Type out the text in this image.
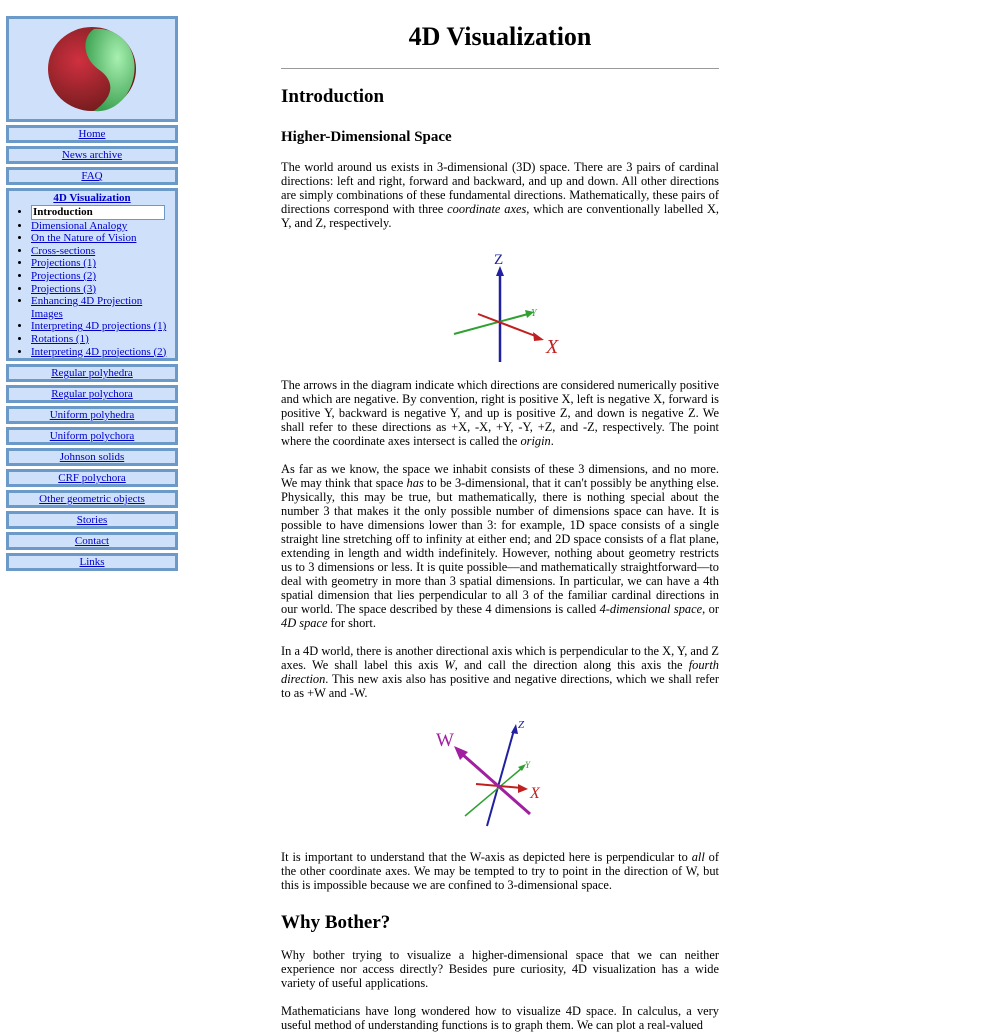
Home
News archive
FAQ
4D Visualization
• Introduction
• Dimensional Analogy
• On the Nature of Vision
• Cross-sections
• Projections (1)
• Projections (2)
• Projections (3)
• Enhancing 4D Projection Images
• Interpreting 4D projections (1)
• Rotations (1)
• Interpreting 4D projections (2)
Regular polyhedra
Regular polychora
Uniform polyhedra
Uniform polychora
Johnson solids
CRF polychora
Other geometric objects
Stories
Contact
Links
4D Visualization
Introduction
Higher-Dimensional Space

The world around us exists in 3-dimensional (3D) space. There are 3 pairs of cardinal directions: left and right, forward and backward, and up and down. All other directions are simply combinations of these fundamental directions. Mathematically, these pairs of directions correspond with three coordinate axes, which are conventionally labelled X, Y, and Z, respectively.

Z
Y
X

The arrows in the diagram indicate which directions are considered numerically positive and which are negative. By convention, right is positive X, left is negative X, forward is positive Y, backward is negative Y, and up is positive Z, and down is negative Z. We shall refer to these directions as +X, -X, +Y, -Y, +Z, and -Z, respectively. The point where the coordinate axes intersect is called the origin.

As far as we know, the space we inhabit consists of these 3 dimensions, and no more. We may think that space has to be 3-dimensional, that it can't possibly be anything else. Physically, this may be true, but mathematically, there is nothing special about the number 3 that makes it the only possible number of dimensions space can have. It is possible to have dimensions lower than 3: for example, 1D space consists of a single straight line stretching off to infinity at either end; and 2D space consists of a flat plane, extending in length and width indefinitely. However, nothing about geometry restricts us to 3 dimensions or less. It is quite possible—and mathematically straightforward—to deal with geometry in more than 3 spatial dimensions. In particular, we can have a 4th spatial dimension that lies perpendicular to all 3 of the familiar cardinal directions in our world. The space described by these 4 dimensions is called 4-dimensional space, or 4D space for short.

In a 4D world, there is another directional axis which is perpendicular to the X, Y, and Z axes. We shall label this axis W, and call the direction along this axis the fourth direction. This new axis also has positive and negative directions, which we shall refer to as +W and -W.

Z
Y
X
W

It is important to understand that the W-axis as depicted here is perpendicular to all of the other coordinate axes. We may be tempted to try to point in the direction of W, but this is impossible because we are confined to 3-dimensional space.

Why Bother?

Why bother trying to visualize a higher-dimensional space that we can neither experience nor access directly? Besides pure curiosity, 4D visualization has a wide variety of useful applications.

Mathematicians have long wondered how to visualize 4D space. In calculus, a very useful method of understanding functions is to graph them. We can plot a real-valued
